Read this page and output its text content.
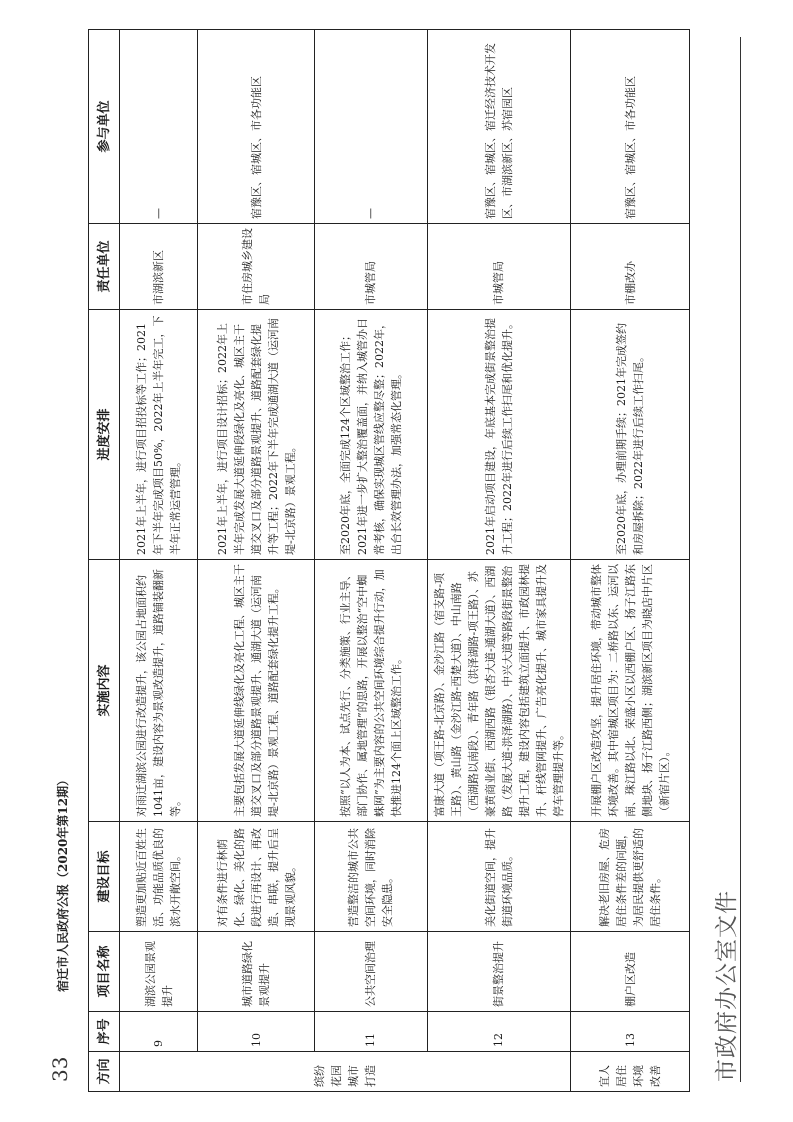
市政府办公室文件
方向	序号	项目名称	建设目标	实施内容	进度安排	责任单位	参与单位
缤纷花园城市打造	9	湖滨公园景观提升	塑造更加贴近百姓生活、功能品质优良的滨水开敞空间。	对雨迁湖滨公园进行改造提升，该公园占地面积约1041亩，建设内容为景观改造提升，道路铺装翻新等。	2021年上半年，进行项目招投标等工作；2021年下半年完成项目50%，2022年上半年完工，下半年正常运营管理。	市湖滨新区	—
	10	城市道路绿化景观提升	对有条件进行林荫化、绿化、美化的路段进行再设计、再改造、串联，提升后呈现景观风貌。	主要包括发展大道延伸线绿化及亮化工程、城区主干道交叉口及部分道路景观提升、通湖大道（运河南堤-北京路）景观工程、道路配套绿化提升工程。	2021年上半年，进行项目设计招标；2022年上半年完成发展大道延伸段绿化及亮化、城区主干道交叉口及部分道路景观提升、道路配套绿化提升等工程；2022年下半年完成通湖大道（运河南堤-北京路）景观工程。	市住房城乡建设局	宿豫区、宿城区、市各功能区
	11	公共空间治理	营造整洁的城市公共空间环境，同时消除安全隐患。	按照“以人为本、试点先行、分类施策、行业主导、部门协作、属地管理”的思路，开展以整治“空中蜘蛛网”为主要内容的公共空间环境综合提升行动，加快推进124个面上区域整治工作。	至2020年底，全面完成124个区域整治工作；2021年进一步扩大整治覆盖面，并纳入城管办日常考核，确保实现城区管线应整尽整；2022年，出台长效管理办法，加强常态化管理。	市城管局	—
	12	街景整治提升	美化街道空间，提升街道环境品质。	富康大道（项王路-北京路）、金沙江路（宿支路-项王路）、黄山路（金沙江路-西楚大道）、中山南路（西湖路以南段）、青年路（洪泽湖路-项王路）、苏豪黄商业街、西湖西路（银杏大道-通湖大道）、西湖路（发展大道-洪泽湖路）、中兴大道等路段街景整治提升工程，建设内容包括建筑立面提升、市政园林提升、杆线管网提升、广告亮化提升、城市家具提升及停车管理提升等。	2021年启动项目建设，年底基本完成街景整治提升工程；2022年进行后续工作扫尾和优化提升。	市城管局	宿豫区、宿城区、宿迁经济技术开发区、市湖滨新区、苏宿园区
宜人居住环境改善	13	棚户区改造	解决老旧房屋、危房居住条件差的问题，为居民提供更舒适的居住条件。	开展棚户区改造攻坚，提升居住环境，带动城市整体环境改善。其中宿城区项目为：二桥路以东、运河以南、珠江路以北、荣盛小区以西棚户区、扬子江路东侧地块、扬子江路西侧；湖滨新区项目为晓店中片区（新宿片区）。	至2020年底，办理前期手续；2021年完成签约和房屋拆除；2022年进行后续工作扫尾。	市棚改办	宿豫区、宿城区、市各功能区
33
宿迁市人民政府公报（2020年第12期）
